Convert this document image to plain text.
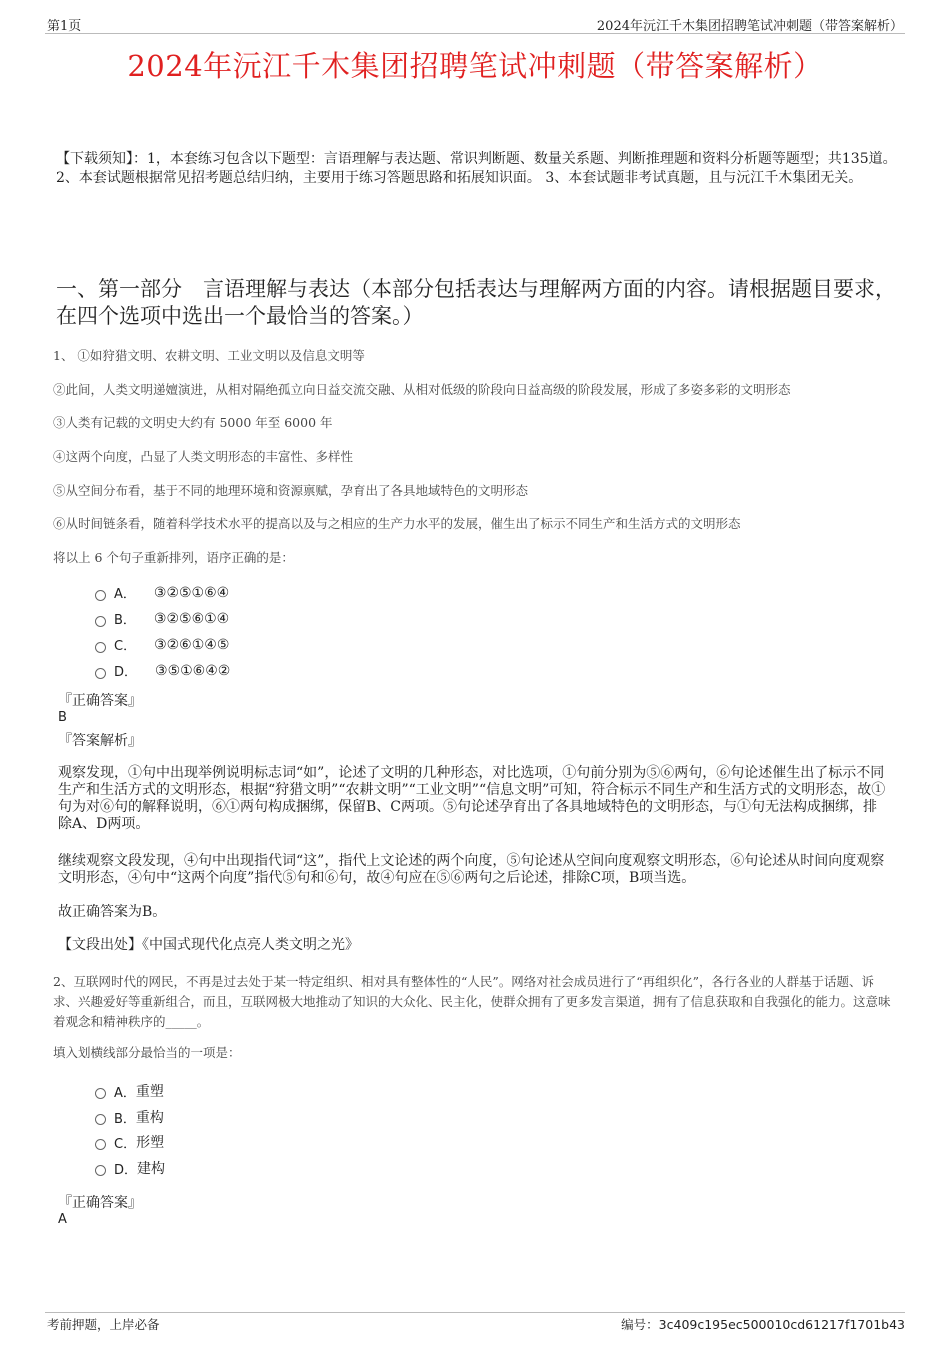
第1页	2024年沅江千木集团招聘笔试冲刺题（带答案解析）
2024年沅江千木集团招聘笔试冲刺题（带答案解析）
【下载须知】：1，本套练习包含以下题型：言语理解与表达题、常识判断题、数量关系题、判断推理题和资料分析题等题型；共135道。 2、本套试题根据常见招考题总结归纳，主要用于练习答题思路和拓展知识面。 3、本套试题非考试真题，且与沅江千木集团无关。
一、第一部分　言语理解与表达（本部分包括表达与理解两方面的内容。请根据题目要求，在四个选项中选出一个最恰当的答案。）
1、 ①如狩猎文明、农耕文明、工业文明以及信息文明等
②此间，人类文明递嬗演进，从相对隔绝孤立向日益交流交融、从相对低级的阶段向日益高级的阶段发展，形成了多姿多彩的文明形态
③人类有记载的文明史大约有 5000 年至 6000 年
④这两个向度，凸显了人类文明形态的丰富性、多样性
⑤从空间分布看，基于不同的地理环境和资源禀赋，孕育出了各具地域特色的文明形态
⑥从时间链条看，随着科学技术水平的提高以及与之相应的生产力水平的发展，催生出了标示不同生产和生活方式的文明形态
将以上 6 个句子重新排列，语序正确的是：
A． ③②⑤①⑥④
B． ③②⑤⑥①④
C． ③②⑥①④⑤
D． ③⑤①⑥④②
『正确答案』
B
『答案解析』
观察发现，①句中出现举例说明标志词“如”，论述了文明的几种形态，对比选项，①句前分别为⑤⑥两句，⑥句论述催生出了标示不同生产和生活方式的文明形态，根据“狩猎文明”“农耕文明”“工业文明”“信息文明”可知，符合标示不同生产和生活方式的文明形态，故①句为对⑥句的解释说明，⑥①两句构成捆绑，保留B、C两项。⑤句论述孕育出了各具地域特色的文明形态，与①句无法构成捆绑，排除A、D两项。
继续观察文段发现，④句中出现指代词“这”，指代上文论述的两个向度，⑤句论述从空间向度观察文明形态，⑥句论述从时间向度观察文明形态，④句中“这两个向度”指代⑤句和⑥句，故④句应在⑤⑥两句之后论述，排除C项，B项当选。
故正确答案为B。
【文段出处】《中国式现代化点亮人类文明之光》
2、互联网时代的网民，不再是过去处于某一特定组织、相对具有整体性的“人民”。网络对社会成员进行了“再组织化”，各行各业的人群基于话题、诉求、兴趣爱好等重新组合，而且，互联网极大地推动了知识的大众化、民主化，使群众拥有了更多发言渠道，拥有了信息获取和自我强化的能力。这意味着观念和精神秩序的_____。
填入划横线部分最恰当的一项是：
A． 重塑
B． 重构
C． 形塑
D． 建构
『正确答案』
A
考前押题，上岸必备	编号：3c409c195ec500010cd61217f1701b43
